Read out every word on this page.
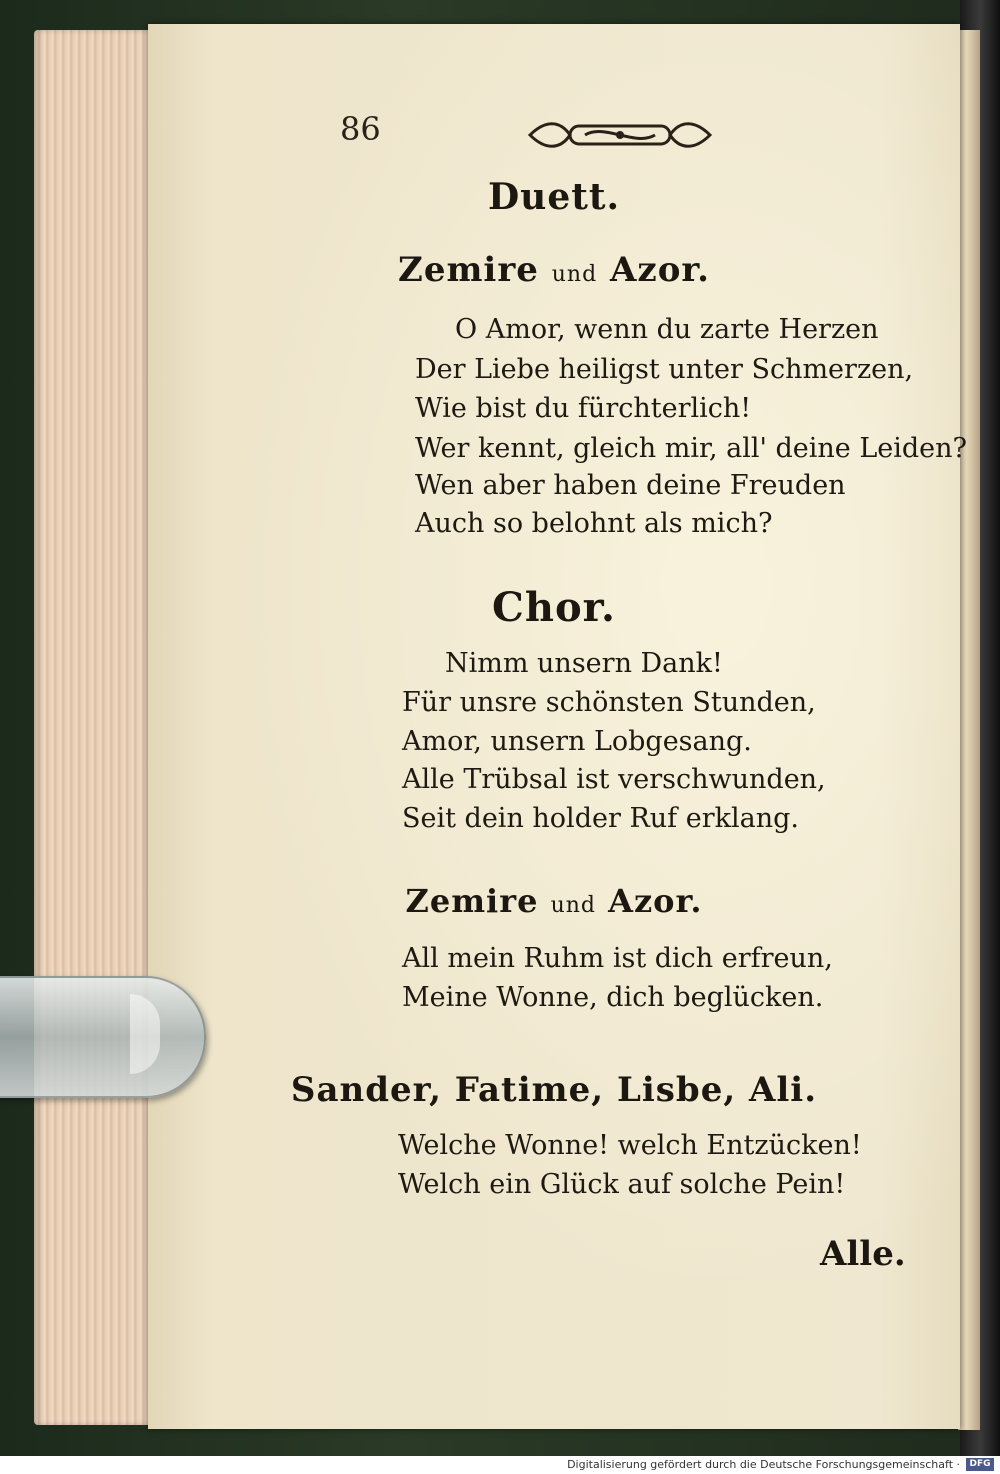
86
Duett.
Zemire und Azor.
O Amor, wenn du zarte Herzen
Der Liebe heiligst unter Schmerzen,
Wie bist du fürchterlich!
Wer kennt, gleich mir, all' deine Leiden?
Wen aber haben deine Freuden
Auch so belohnt als mich?
Chor.
Nimm unsern Dank!
Für unsre schönsten Stunden,
Amor, unsern Lobgesang.
Alle Trübsal ist verschwunden,
Seit dein holder Ruf erklang.
Zemire und Azor.
All mein Ruhm ist dich erfreun,
Meine Wonne, dich beglücken.
Sander, Fatime, Lisbe, Ali.
Welche Wonne! welch Entzücken!
Welch ein Glück auf solche Pein!
Alle.
Digitalisierung gefördert durch die Deutsche Forschungsgemeinschaft ·	DFG
